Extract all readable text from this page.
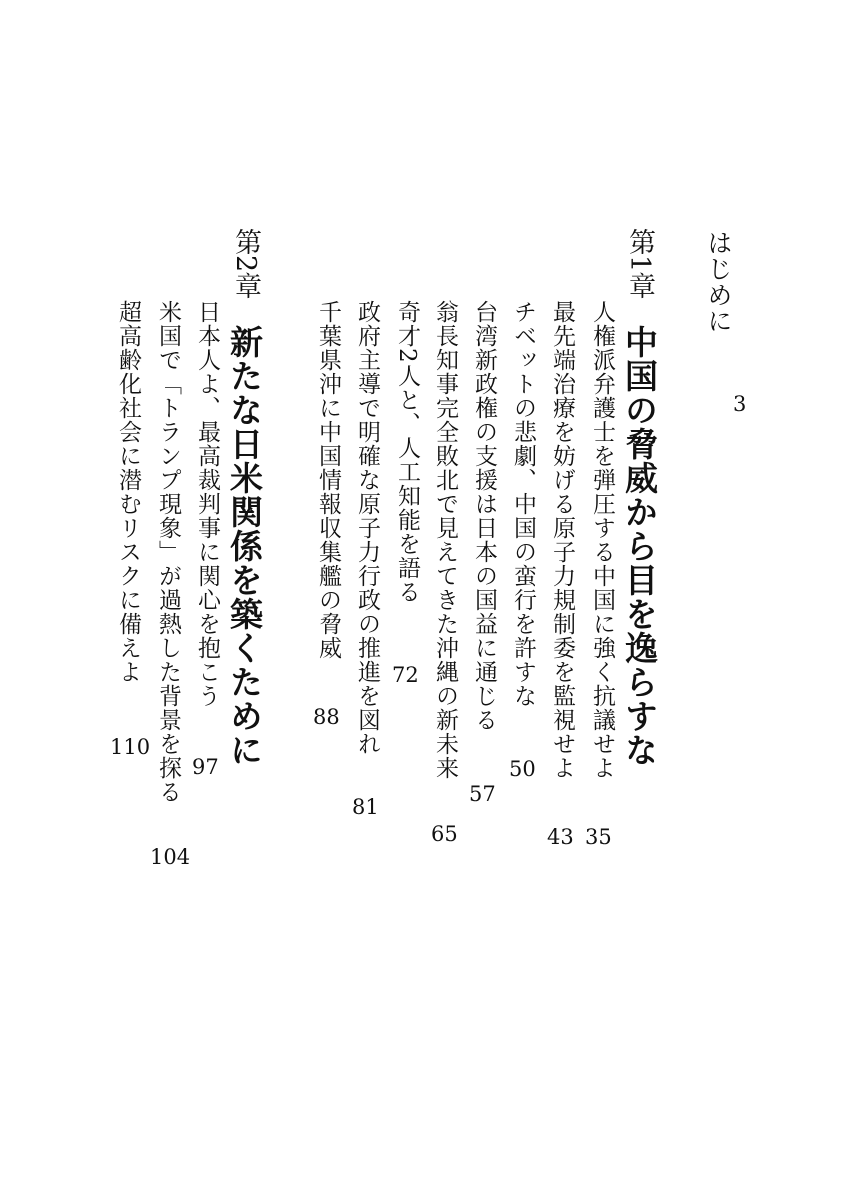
はじめに
3
第1章
中国の脅威から目を逸らすな
人権派弁護士を弾圧する中国に強く抗議せよ
35
最先端治療を妨げる原子力規制委を監視せよ
43
チベットの悲劇、中国の蛮行を許すな
50
台湾新政権の支援は日本の国益に通じる
57
翁長知事完全敗北で見えてきた沖縄の新未来
65
奇才2人と、人工知能を語る
72
政府主導で明確な原子力行政の推進を図れ
81
千葉県沖に中国情報収集艦の脅威
88
第2章
新たな日米関係を築くために
日本人よ、最高裁判事に関心を抱こう
97
米国で「トランプ現象」が過熱した背景を探る
104
超高齢化社会に潜むリスクに備えよ
110
